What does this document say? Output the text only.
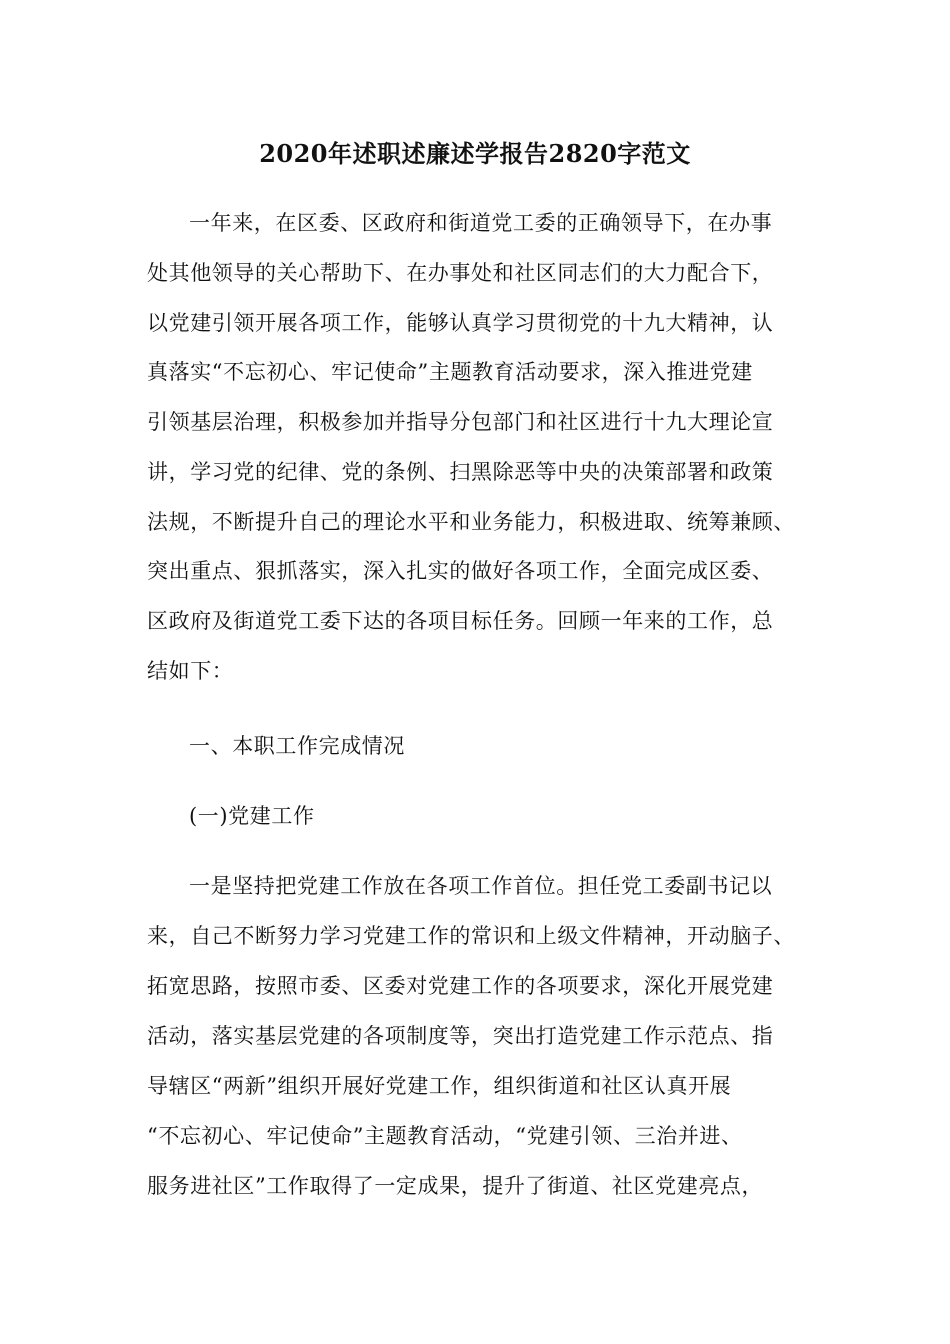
2020年述职述廉述学报告2820字范文
一年来，在区委、区政府和街道党工委的正确领导下，在办事
处其他领导的关心帮助下、在办事处和社区同志们的大力配合下，
以党建引领开展各项工作，能够认真学习贯彻党的十九大精神，认
真落实“不忘初心、牢记使命”主题教育活动要求，深入推进党建
引领基层治理，积极参加并指导分包部门和社区进行十九大理论宣
讲，学习党的纪律、党的条例、扫黑除恶等中央的决策部署和政策
法规，不断提升自己的理论水平和业务能力，积极进取、统筹兼顾、
突出重点、狠抓落实，深入扎实的做好各项工作，全面完成区委、
区政府及街道党工委下达的各项目标任务。回顾一年来的工作，总
结如下：
一、本职工作完成情况
(一)党建工作
一是坚持把党建工作放在各项工作首位。担任党工委副书记以
来，自己不断努力学习党建工作的常识和上级文件精神，开动脑子、
拓宽思路，按照市委、区委对党建工作的各项要求，深化开展党建
活动，落实基层党建的各项制度等，突出打造党建工作示范点、指
导辖区“两新”组织开展好党建工作，组织街道和社区认真开展
“不忘初心、牢记使命”主题教育活动，“党建引领、三治并进、
服务进社区”工作取得了一定成果，提升了街道、社区党建亮点，
